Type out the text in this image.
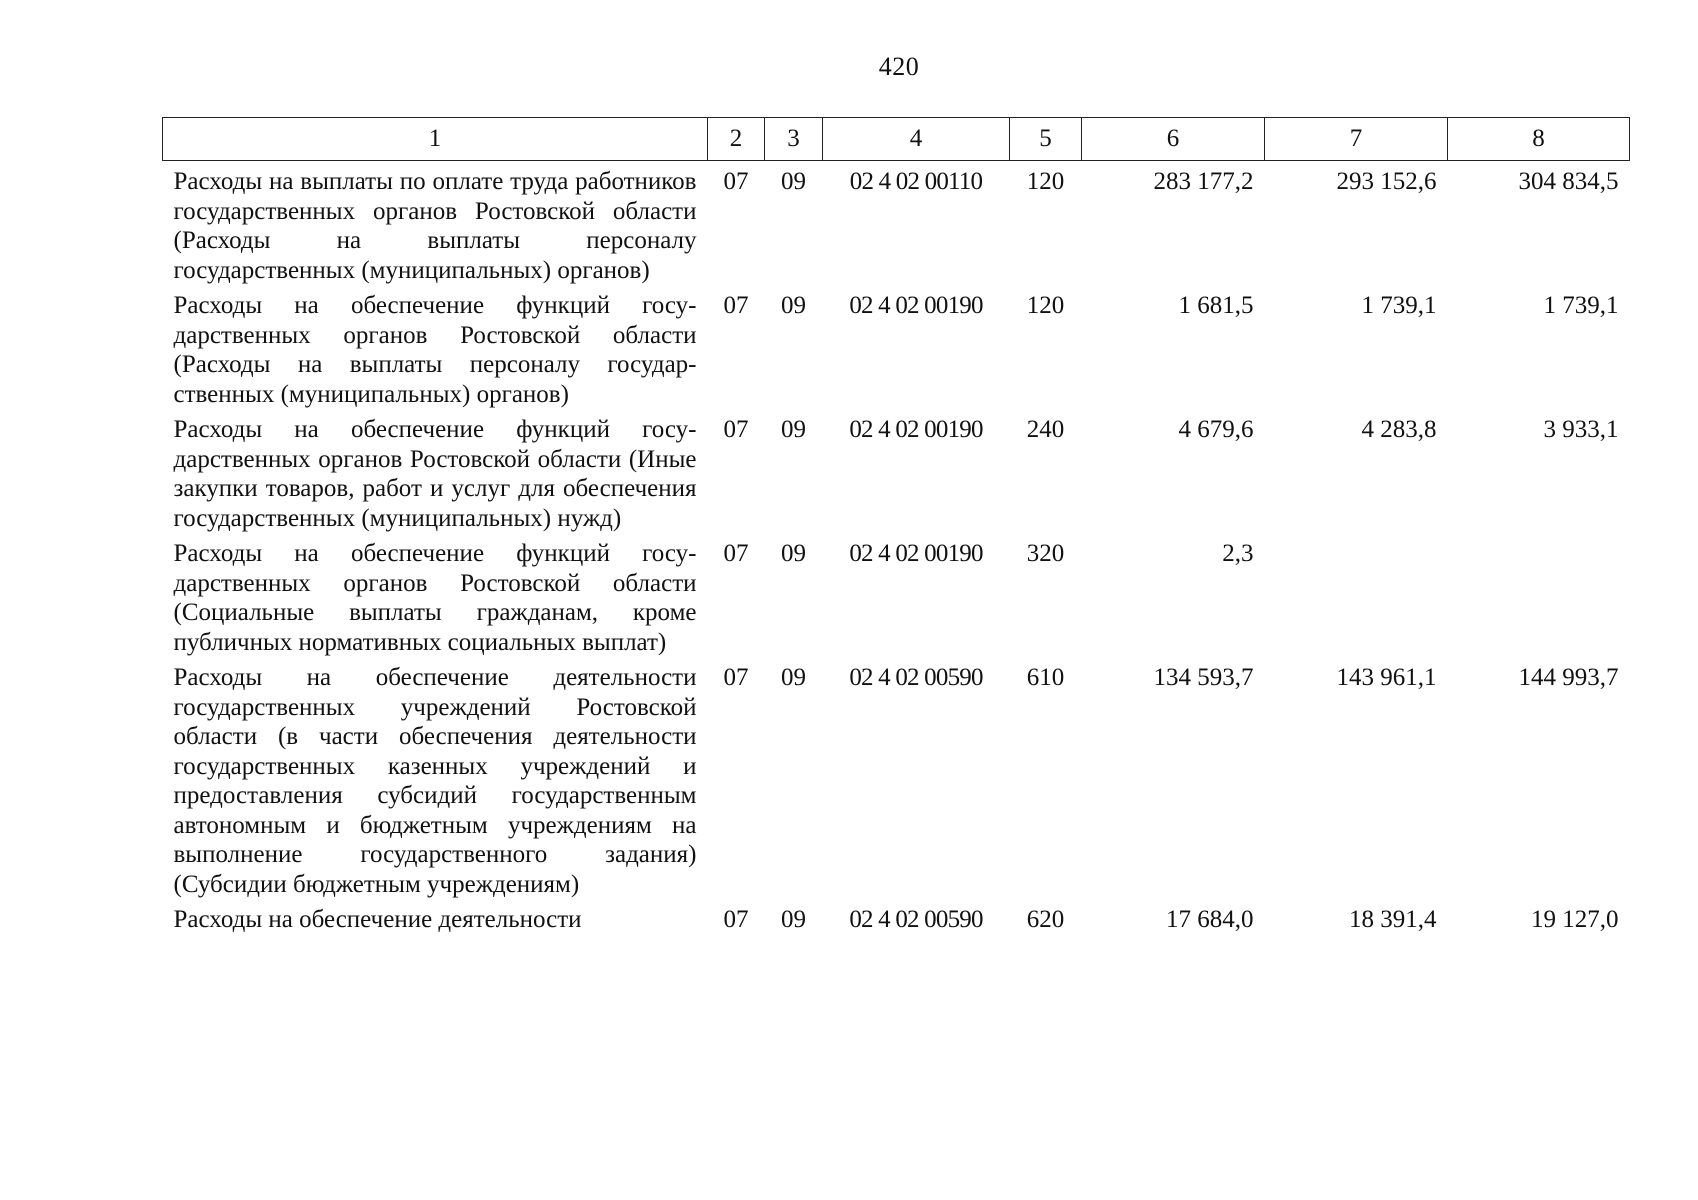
420
1	2	3	4	5	6	7	8
Расходы на выплаты по оплате труда работников государственных органов Ростовской области (Расходы на выплаты персоналу государственных (муниципальных) органов)	07	09	02 4 02 00110	120	283 177,2	293 152,6	304 834,5
Расходы на обеспечение функций государственных органов Ростовской области (Расходы на выплаты персоналу государственных (муниципальных) органов)	07	09	02 4 02 00190	120	1 681,5	1 739,1	1 739,1
Расходы на обеспечение функций государственных органов Ростовской области (Иные закупки товаров, работ и услуг для обеспечения государственных (муниципальных) нужд)	07	09	02 4 02 00190	240	4 679,6	4 283,8	3 933,1
Расходы на обеспечение функций государственных органов Ростовской области (Социальные выплаты гражданам, кроме публичных нормативных социальных выплат)	07	09	02 4 02 00190	320	2,3		
Расходы на обеспечение деятельности государственных учреждений Ростовской области (в части обеспечения деятельности государственных казенных учреждений и предоставления субсидий государственным автономным и бюджетным учреждениям на выполнение государственного задания) (Субсидии бюджетным учреждениям)	07	09	02 4 02 00590	610	134 593,7	143 961,1	144 993,7
Расходы на обеспечение деятельности	07	09	02 4 02 00590	620	17 684,0	18 391,4	19 127,0
